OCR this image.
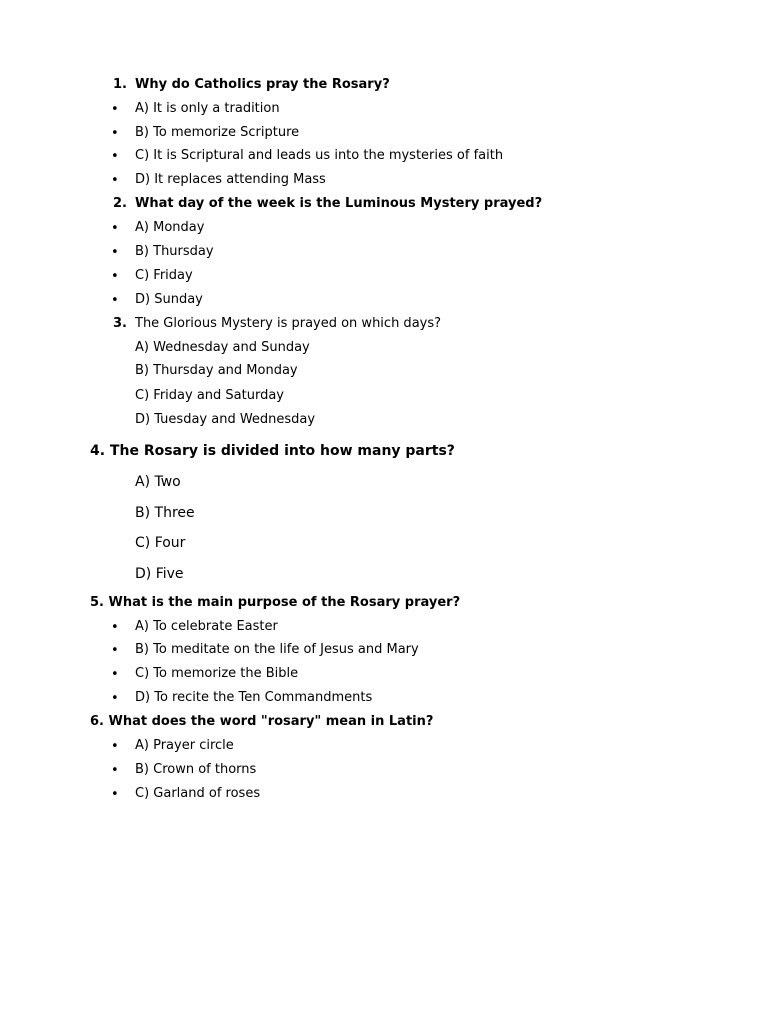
1. Why do Catholics pray the Rosary?
• A) It is only a tradition
• B) To memorize Scripture
• C) It is Scriptural and leads us into the mysteries of faith
• D) It replaces attending Mass
2. What day of the week is the Luminous Mystery prayed?
• A) Monday
• B) Thursday
• C) Friday
• D) Sunday
3. The Glorious Mystery is prayed on which days?
A) Wednesday and Sunday
B) Thursday and Monday
C) Friday and Saturday
D) Tuesday and Wednesday
4. The Rosary is divided into how many parts?
A) Two
B) Three
C) Four
D) Five
5. What is the main purpose of the Rosary prayer?
• A) To celebrate Easter
• B) To meditate on the life of Jesus and Mary
• C) To memorize the Bible
• D) To recite the Ten Commandments
6. What does the word "rosary" mean in Latin?
• A) Prayer circle
• B) Crown of thorns
• C) Garland of roses
